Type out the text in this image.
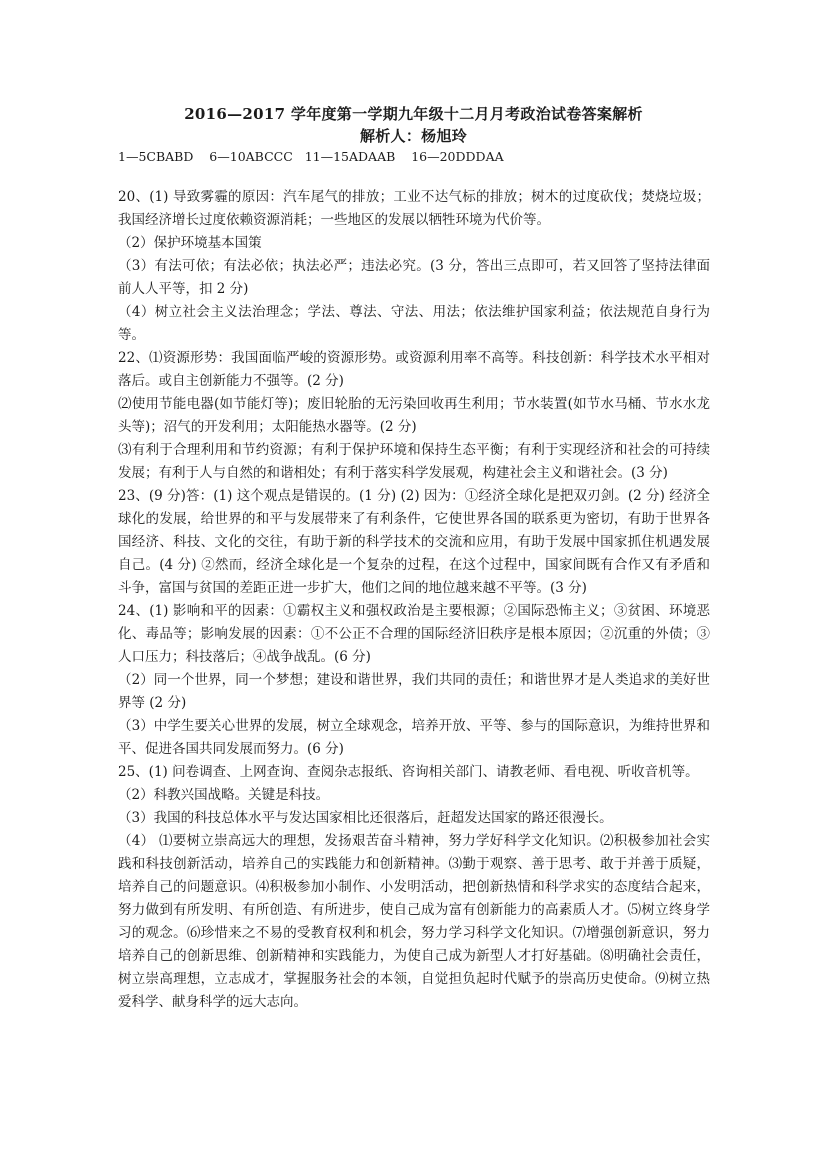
2016—2017 学年度第一学期九年级十二月月考政治试卷答案解析
解析人：杨旭玲
1—5CBABD    6—10ABCCC   11—15ADAAB    16—20DDDAA

20、(1) 导致雾霾的原因：汽车尾气的排放；工业不达气标的排放；树木的过度砍伐；焚烧垃圾；我国经济增长过度依赖资源消耗；一些地区的发展以牺牲环境为代价等。

（2）保护环境基本国策

（3）有法可依；有法必依；执法必严；违法必究。(3 分，答出三点即可，若又回答了坚持法律面前人人平等，扣 2 分)

（4）树立社会主义法治理念；学法、尊法、守法、用法；依法维护国家利益；依法规范自身行为等。

22、⑴资源形势：我国面临严峻的资源形势。或资源利用率不高等。科技创新：科学技术水平相对落后。或自主创新能力不强等。(2 分)

⑵使用节能电器(如节能灯等)；废旧轮胎的无污染回收再生利用；节水装置(如节水马桶、节水水龙头等)；沼气的开发利用；太阳能热水器等。(2 分)

⑶有利于合理利用和节约资源；有利于保护环境和保持生态平衡；有利于实现经济和社会的可持续发展；有利于人与自然的和谐相处；有利于落实科学发展观，构建社会主义和谐社会。(3 分)

23、(9 分)答：(1) 这个观点是错误的。(1 分) (2) 因为：①经济全球化是把双刃剑。(2 分) 经济全球化的发展，给世界的和平与发展带来了有利条件，它使世界各国的联系更为密切，有助于世界各国经济、科技、文化的交往，有助于新的科学技术的交流和应用，有助于发展中国家抓住机遇发展自己。(4 分) ②然而，经济全球化是一个复杂的过程，在这个过程中，国家间既有合作又有矛盾和斗争，富国与贫国的差距正进一步扩大，他们之间的地位越来越不平等。(3 分)

24、(1) 影响和平的因素：①霸权主义和强权政治是主要根源；②国际恐怖主义；③贫困、环境恶化、毒品等；影响发展的因素：①不公正不合理的国际经济旧秩序是根本原因；②沉重的外债；③人口压力；科技落后；④战争战乱。(6 分)

（2）同一个世界，同一个梦想；建设和谐世界，我们共同的责任；和谐世界才是人类追求的美好世界等 (2 分)

（3）中学生要关心世界的发展，树立全球观念，培养开放、平等、参与的国际意识，为维持世界和平、促进各国共同发展而努力。(6 分)

25、(1) 问卷调查、上网查询、查阅杂志报纸、咨询相关部门、请教老师、看电视、听收音机等。

（2）科教兴国战略。关键是科技。

（3）我国的科技总体水平与发达国家相比还很落后，赶超发达国家的路还很漫长。

（4） ⑴要树立崇高远大的理想，发扬艰苦奋斗精神，努力学好科学文化知识。⑵积极参加社会实践和科技创新活动，培养自己的实践能力和创新精神。⑶勤于观察、善于思考、敢于并善于质疑，培养自己的问题意识。⑷积极参加小制作、小发明活动，把创新热情和科学求实的态度结合起来，努力做到有所发明、有所创造、有所进步，使自己成为富有创新能力的高素质人才。⑸树立终身学习的观念。⑹珍惜来之不易的受教育权利和机会，努力学习科学文化知识。⑺增强创新意识，努力培养自己的创新思维、创新精神和实践能力，为使自己成为新型人才打好基础。⑻明确社会责任，树立崇高理想，立志成才，掌握服务社会的本领，自觉担负起时代赋予的崇高历史使命。⑼树立热爱科学、献身科学的远大志向。
